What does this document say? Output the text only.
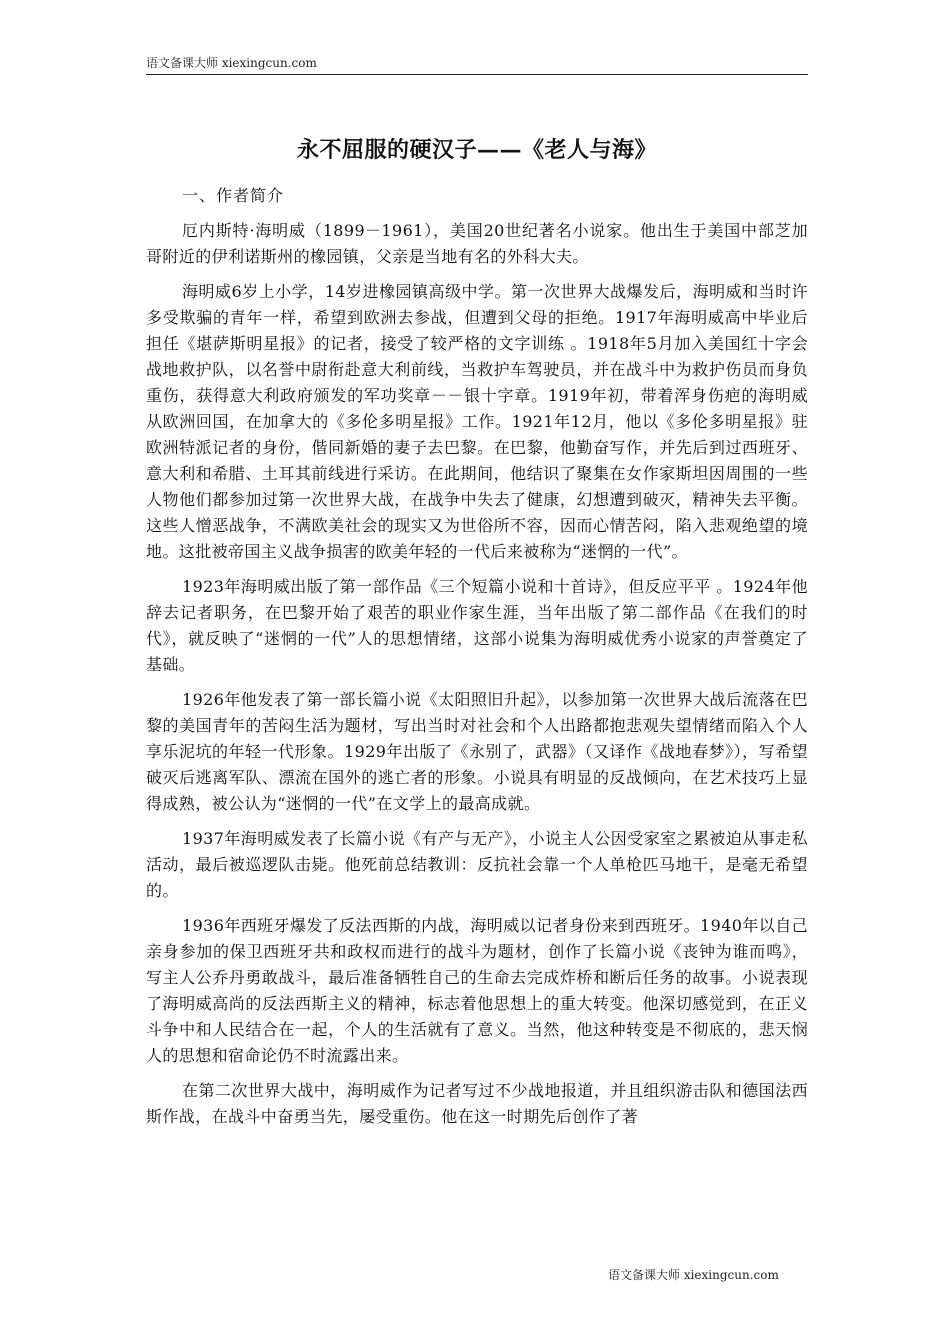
语文备课大师 xiexingcun.com
永不屈服的硬汉子——《老人与海》

一、作者简介

厄内斯特·海明威（1899－1961），美国20世纪著名小说家。他出生于美国中部芝加哥附近的伊利诺斯州的橡园镇，父亲是当地有名的外科大夫。

海明威6岁上小学，14岁进橡园镇高级中学。第一次世界大战爆发后，海明威和当时许多受欺骗的青年一样，希望到欧洲去参战，但遭到父母的拒绝。1917年海明威高中毕业后担任《堪萨斯明星报》的记者，接受了较严格的文字训练 。1918年5月加入美国红十字会战地救护队，以名誉中尉衔赴意大利前线，当救护车驾驶员，并在战斗中为救护伤员而身负重伤，获得意大利政府颁发的军功奖章－－银十字章。1919年初，带着浑身伤疤的海明威从欧洲回国，在加拿大的《多伦多明星报》工作。1921年12月，他以《多伦多明星报》驻欧洲特派记者的身份，偕同新婚的妻子去巴黎。在巴黎，他勤奋写作，并先后到过西班牙、意大利和希腊、土耳其前线进行采访。在此期间，他结识了聚集在女作家斯坦因周围的一些人物他们都参加过第一次世界大战，在战争中失去了健康，幻想遭到破灭，精神失去平衡。这些人憎恶战争，不满欧美社会的现实又为世俗所不容，因而心情苦闷，陷入悲观绝望的境地。这批被帝国主义战争损害的欧美年轻的一代后来被称为“迷惘的一代”。

1923年海明威出版了第一部作品《三个短篇小说和十首诗》，但反应平平 。1924年他辞去记者职务，在巴黎开始了艰苦的职业作家生涯，当年出版了第二部作品《在我们的时代》，就反映了“迷惘的一代”人的思想情绪，这部小说集为海明威优秀小说家的声誉奠定了基础。

1926年他发表了第一部长篇小说《太阳照旧升起》，以参加第一次世界大战后流落在巴黎的美国青年的苦闷生活为题材，写出当时对社会和个人出路都抱悲观失望情绪而陷入个人享乐泥坑的年轻一代形象。1929年出版了《永别了，武器》（又译作《战地春梦》），写希望破灭后逃离军队、漂流在国外的逃亡者的形象。小说具有明显的反战倾向，在艺术技巧上显得成熟，被公认为“迷惘的一代”在文学上的最高成就。

1937年海明威发表了长篇小说《有产与无产》，小说主人公因受家室之累被迫从事走私活动，最后被巡逻队击毙。他死前总结教训：反抗社会靠一个人单枪匹马地干，是毫无希望的。

1936年西班牙爆发了反法西斯的内战，海明威以记者身份来到西班牙。1940年以自己亲身参加的保卫西班牙共和政权而进行的战斗为题材，创作了长篇小说《丧钟为谁而鸣》，写主人公乔丹勇敢战斗，最后准备牺牲自己的生命去完成炸桥和断后任务的故事。小说表现了海明威高尚的反法西斯主义的精神，标志着他思想上的重大转变。他深切感觉到，在正义斗争中和人民结合在一起，个人的生活就有了意义。当然，他这种转变是不彻底的，悲天悯人的思想和宿命论仍不时流露出来。

在第二次世界大战中，海明威作为记者写过不少战地报道，并且组织游击队和德国法西斯作战，在战斗中奋勇当先，屡受重伤。他在这一时期先后创作了著

语文备课大师 xiexingcun.com
